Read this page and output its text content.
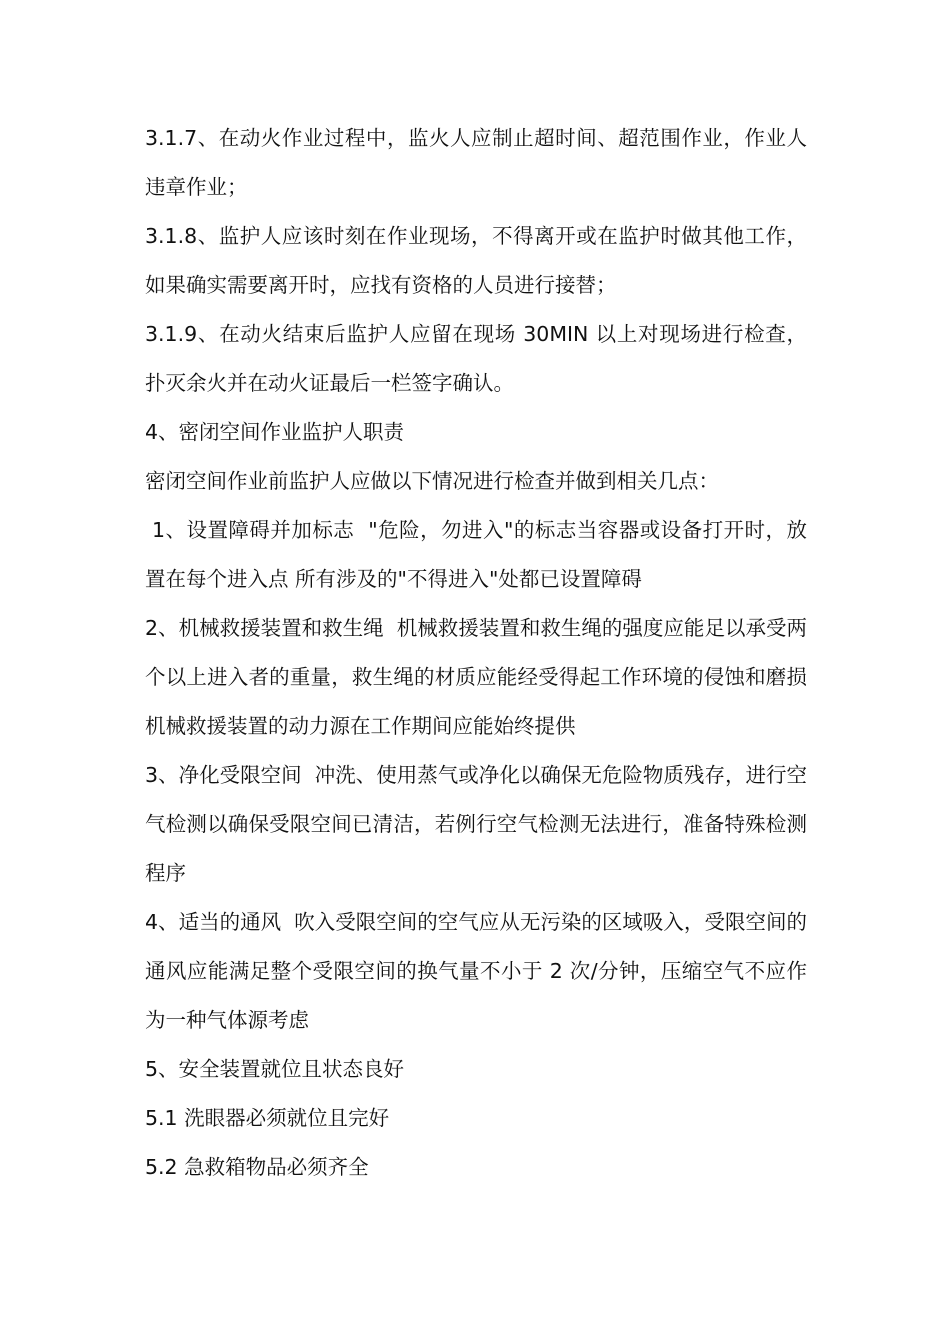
3.1.7、在动火作业过程中，监火人应制止超时间、超范围作业，作业人违章作业；

3.1.8、监护人应该时刻在作业现场，不得离开或在监护时做其他工作，如果确实需要离开时，应找有资格的人员进行接替；

3.1.9、在动火结束后监护人应留在现场 30MIN 以上对现场进行检查，扑灭余火并在动火证最后一栏签字确认。

4、密闭空间作业监护人职责

密闭空间作业前监护人应做以下情况进行检查并做到相关几点：

1、设置障碍并加标志  "危险，勿进入"的标志当容器或设备打开时，放置在每个进入点 所有涉及的"不得进入"处都已设置障碍

2、机械救援装置和救生绳  机械救援装置和救生绳的强度应能足以承受两个以上进入者的重量，救生绳的材质应能经受得起工作环境的侵蚀和磨损机械救援装置的动力源在工作期间应能始终提供

3、净化受限空间  冲洗、使用蒸气或净化以确保无危险物质残存，进行空气检测以确保受限空间已清洁，若例行空气检测无法进行，准备特殊检测程序

4、适当的通风  吹入受限空间的空气应从无污染的区域吸入，受限空间的通风应能满足整个受限空间的换气量不小于 2 次/分钟，压缩空气不应作为一种气体源考虑

5、安全装置就位且状态良好

5.1 洗眼器必须就位且完好

5.2 急救箱物品必须齐全
